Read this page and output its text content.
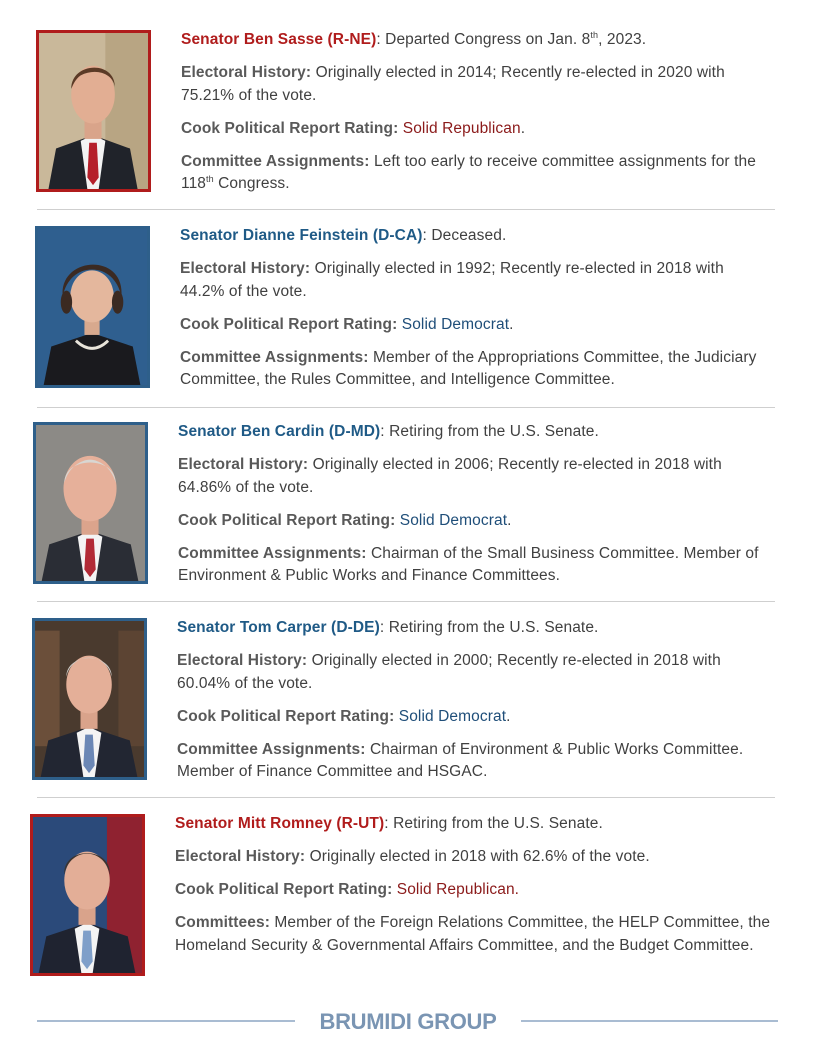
Senator Ben Sasse (R-NE): Departed Congress on Jan. 8th, 2023.

Electoral History: Originally elected in 2014; Recently re-elected in 2020 with 75.21% of the vote.

Cook Political Report Rating: Solid Republican.

Committee Assignments: Left too early to receive committee assignments for the 118th Congress.

Senator Dianne Feinstein (D-CA): Deceased.

Electoral History: Originally elected in 1992; Recently re-elected in 2018 with 44.2% of the vote.

Cook Political Report Rating: Solid Democrat.

Committee Assignments: Member of the Appropriations Committee, the Judiciary Committee, the Rules Committee, and Intelligence Committee.

Senator Ben Cardin (D-MD): Retiring from the U.S. Senate.

Electoral History: Originally elected in 2006; Recently re-elected in 2018 with 64.86% of the vote.

Cook Political Report Rating: Solid Democrat.

Committee Assignments: Chairman of the Small Business Committee. Member of Environment & Public Works and Finance Committees.

Senator Tom Carper (D-DE): Retiring from the U.S. Senate.

Electoral History: Originally elected in 2000; Recently re-elected in 2018 with 60.04% of the vote.

Cook Political Report Rating: Solid Democrat.

Committee Assignments: Chairman of Environment & Public Works Committee. Member of Finance Committee and HSGAC.

Senator Mitt Romney (R-UT): Retiring from the U.S. Senate.

Electoral History: Originally elected in 2018 with 62.6% of the vote.

Cook Political Report Rating: Solid Republican.

Committees: Member of the Foreign Relations Committee, the HELP Committee, the Homeland Security & Governmental Affairs Committee, and the Budget Committee.

BRUMIDI GROUP
